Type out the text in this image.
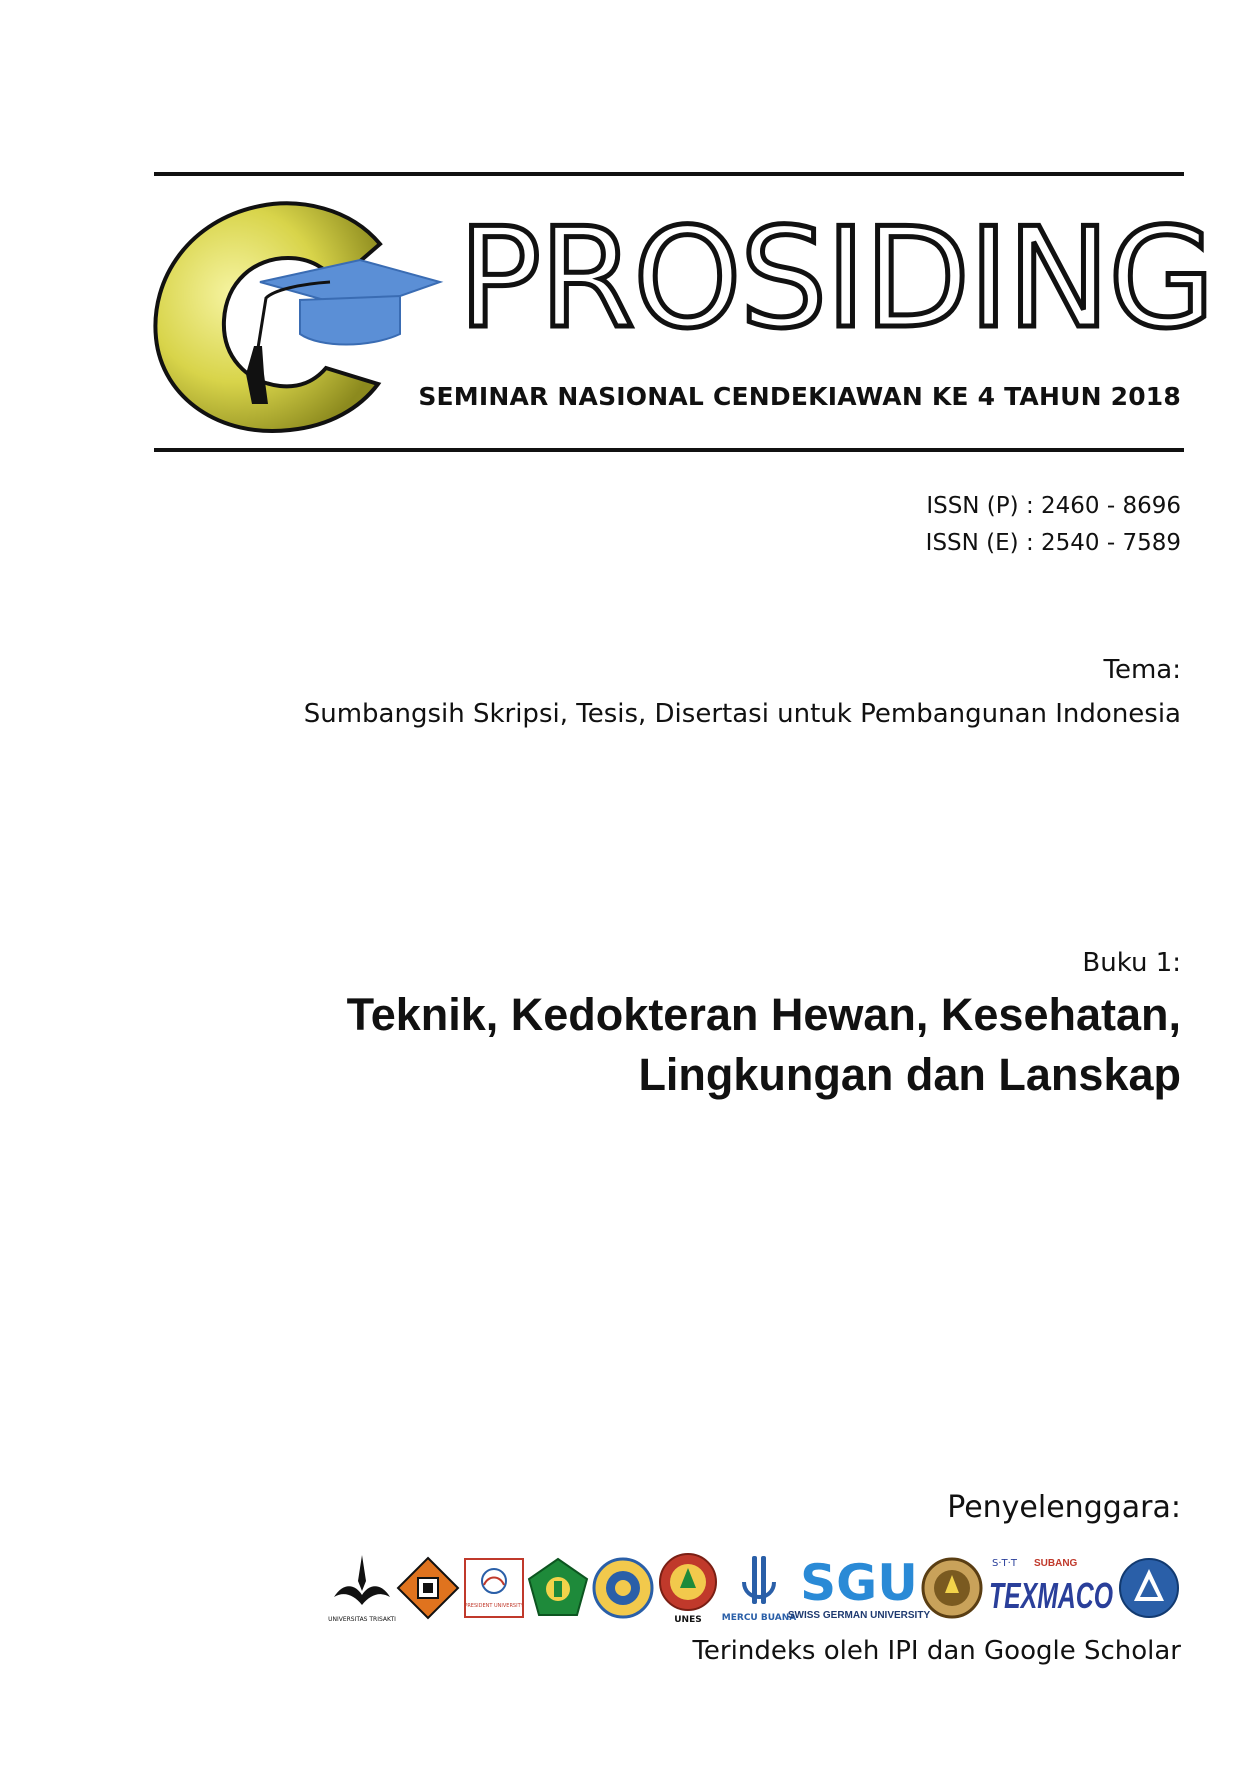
PROSIDING
SEMINAR NASIONAL CENDEKIAWAN KE 4 TAHUN 2018
ISSN (P) : 2460 - 8696
ISSN (E) : 2540 - 7589
Tema:
Sumbangsih Skripsi, Tesis, Disertasi untuk Pembangunan Indonesia
Buku 1:
Teknik, Kedokteran Hewan, Kesehatan,
Lingkungan dan Lanskap
Penyelenggara:
UNIVERSITAS TRISAKTI
PRESIDENT UNIVERSITY
UNES MERCU BUANA
SGU
SWISS GERMAN UNIVERSITY
S·T·T SUBANG
TEXMACO
Terindeks oleh IPI dan Google Scholar
